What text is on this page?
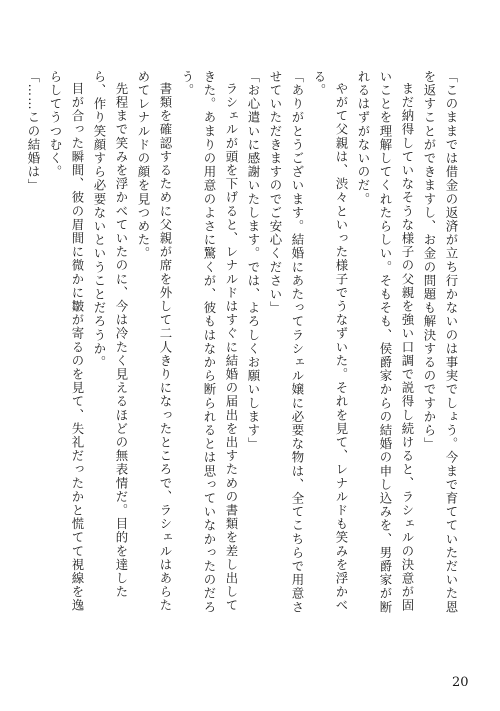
「このままでは借金の返済が立ち行かないのは事実でしょう。今まで育てていただいた恩を返すことができますし、お金の問題も解決するのですから」

まだ納得していなそうな様子の父親を強い口調で説得し続けると、ラシェルの決意が固いことを理解してくれたらしい。そもそも、侯爵家からの結婚の申し込みを、男爵家が断れるはずがないのだ。

やがて父親は、渋々といった様子でうなずいた。それを見て、レナルドも笑みを浮かべる。

「ありがとうございます。結婚にあたってラシェル嬢に必要な物は、全てこちらで用意させていただきますのでご安心ください」

「お心遣いに感謝いたします。では、よろしくお願いします」

ラシェルが頭を下げると、レナルドはすぐに結婚の届出を出すための書類を差し出してきた。あまりの用意のよさに驚くが、彼もはなから断られるとは思っていなかったのだろう。

書類を確認するために父親が席を外して二人きりになったところで、ラシェルはあらためてレナルドの顔を見つめた。

先程まで笑みを浮かべていたのに、今は冷たく見えるほどの無表情だ。目的を達したら、作り笑顔すら必要ないということだろうか。

目が合った瞬間、彼の眉間に微かに皺が寄るのを見て、失礼だったかと慌てて視線を逸らしてうつむく。

「……この結婚は」

20
